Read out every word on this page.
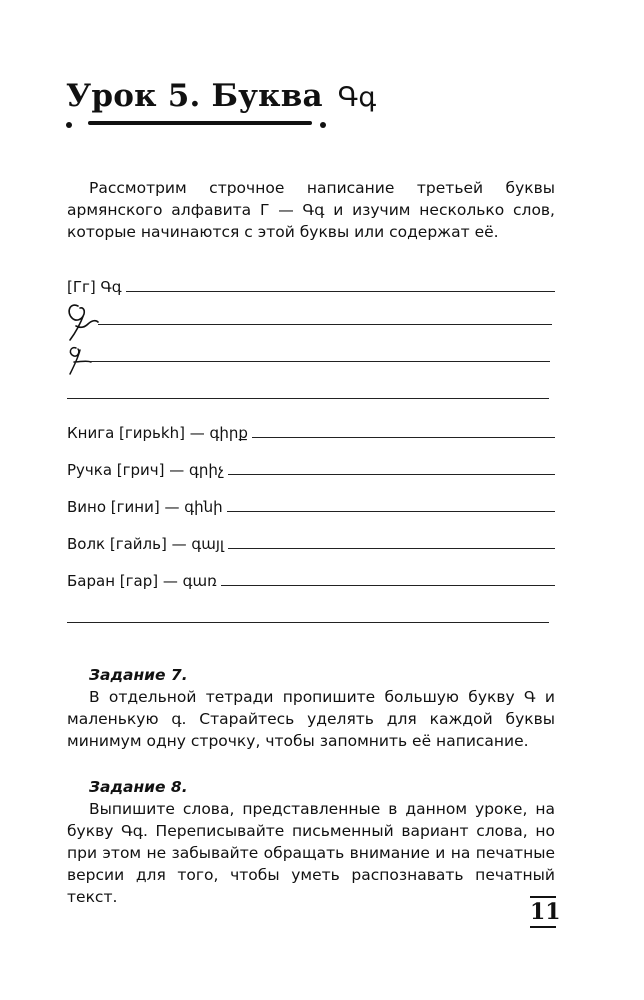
Урок 5. Буква Գգ
Рассмотрим строчное написание третьей буквы армянского алфавита Г — Գգ и изучим несколько слов, которые начинаются с этой буквы или содержат её.
[Гг] Գգ
Книга [гирьkh] — գիրք
Ручка [грич] — գրիչ
Вино [гини] — գինի
Волк [гайль] — գայլ
Баран [гар] — գառ
Задание 7.
В отдельной тетради пропишите большую букву Գ и маленькую գ. Старайтесь уделять для каждой буквы минимум одну строчку, чтобы запомнить её написание.
Задание 8.
Выпишите слова, представленные в данном уроке, на букву Գգ. Переписывайте письменный вариант слова, но при этом не забывайте обращать внимание и на печатные версии для того, чтобы уметь распознавать печатный текст.
11
